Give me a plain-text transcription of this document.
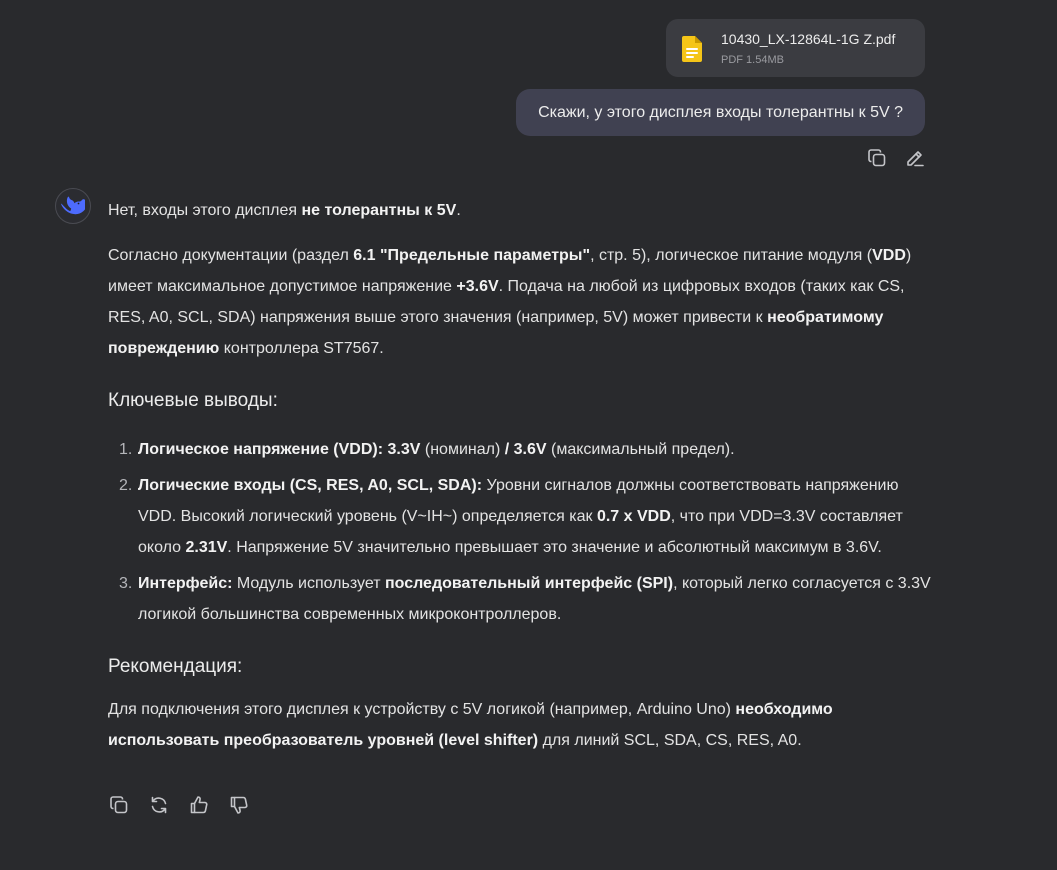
10430_LX-12864L-1G Z.pdf
PDF 1.54MB
Скажи, у этого дисплея входы толерантны к 5V ?

Нет, входы этого дисплея не толерантны к 5V.

Согласно документации (раздел 6.1 "Предельные параметры", стр. 5), логическое питание модуля (VDD) имеет максимальное допустимое напряжение +3.6V. Подача на любой из цифровых входов (таких как CS, RES, A0, SCL, SDA) напряжения выше этого значения (например, 5V) может привести к необратимому повреждению контроллера ST7567.

Ключевые выводы:
1. Логическое напряжение (VDD): 3.3V (номинал) / 3.6V (максимальный предел).
2. Логические входы (CS, RES, A0, SCL, SDA): Уровни сигналов должны соответствовать напряжению VDD. Высокий логический уровень (V~IH~) определяется как 0.7 x VDD, что при VDD=3.3V составляет около 2.31V. Напряжение 5V значительно превышает это значение и абсолютный максимум в 3.6V.
3. Интерфейс: Модуль использует последовательный интерфейс (SPI), который легко согласуется с 3.3V логикой большинства современных микроконтроллеров.
Рекомендация:

Для подключения этого дисплея к устройству с 5V логикой (например, Arduino Uno) необходимо использовать преобразователь уровней (level shifter) для линий SCL, SDA, CS, RES, A0.
